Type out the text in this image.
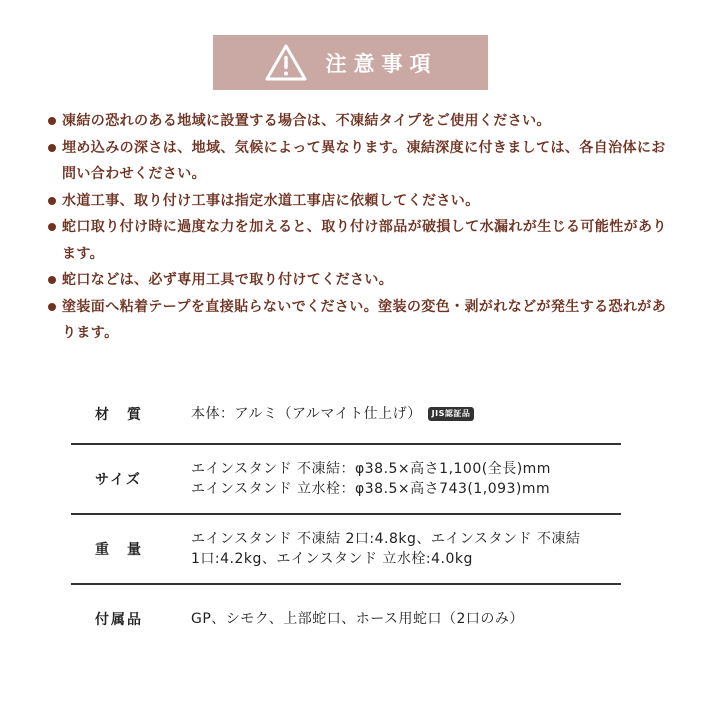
注意事項
凍結の恐れのある地域に設置する場合は、不凍結タイプをご使用ください。
埋め込みの深さは、地域、気候によって異なります。凍結深度に付きましては、各自治体にお問い合わせください。
水道工事、取り付け工事は指定水道工事店に依頼してください。
蛇口取り付け時に過度な力を加えると、取り付け部品が破損して水漏れが生じる可能性があります。
蛇口などは、必ず専用工具で取り付けてください。
塗装面へ粘着テープを直接貼らないでください。塗装の変色・剥がれなどが発生する恐れがあります。
材　質	本体：アルミ（アルマイト仕上げ） JIS認証品
サイズ
エインスタンド 不凍結：φ38.5×高さ1,100(全長)mm
エインスタンド 立水栓：φ38.5×高さ743(1,093)mm
重　量
エインスタンド 不凍結 2口:4.8kg、エインスタンド 不凍結
1口:4.2kg、エインスタンド 立水栓:4.0kg
付属品	GP、シモク、上部蛇口、ホース用蛇口（2口のみ）
